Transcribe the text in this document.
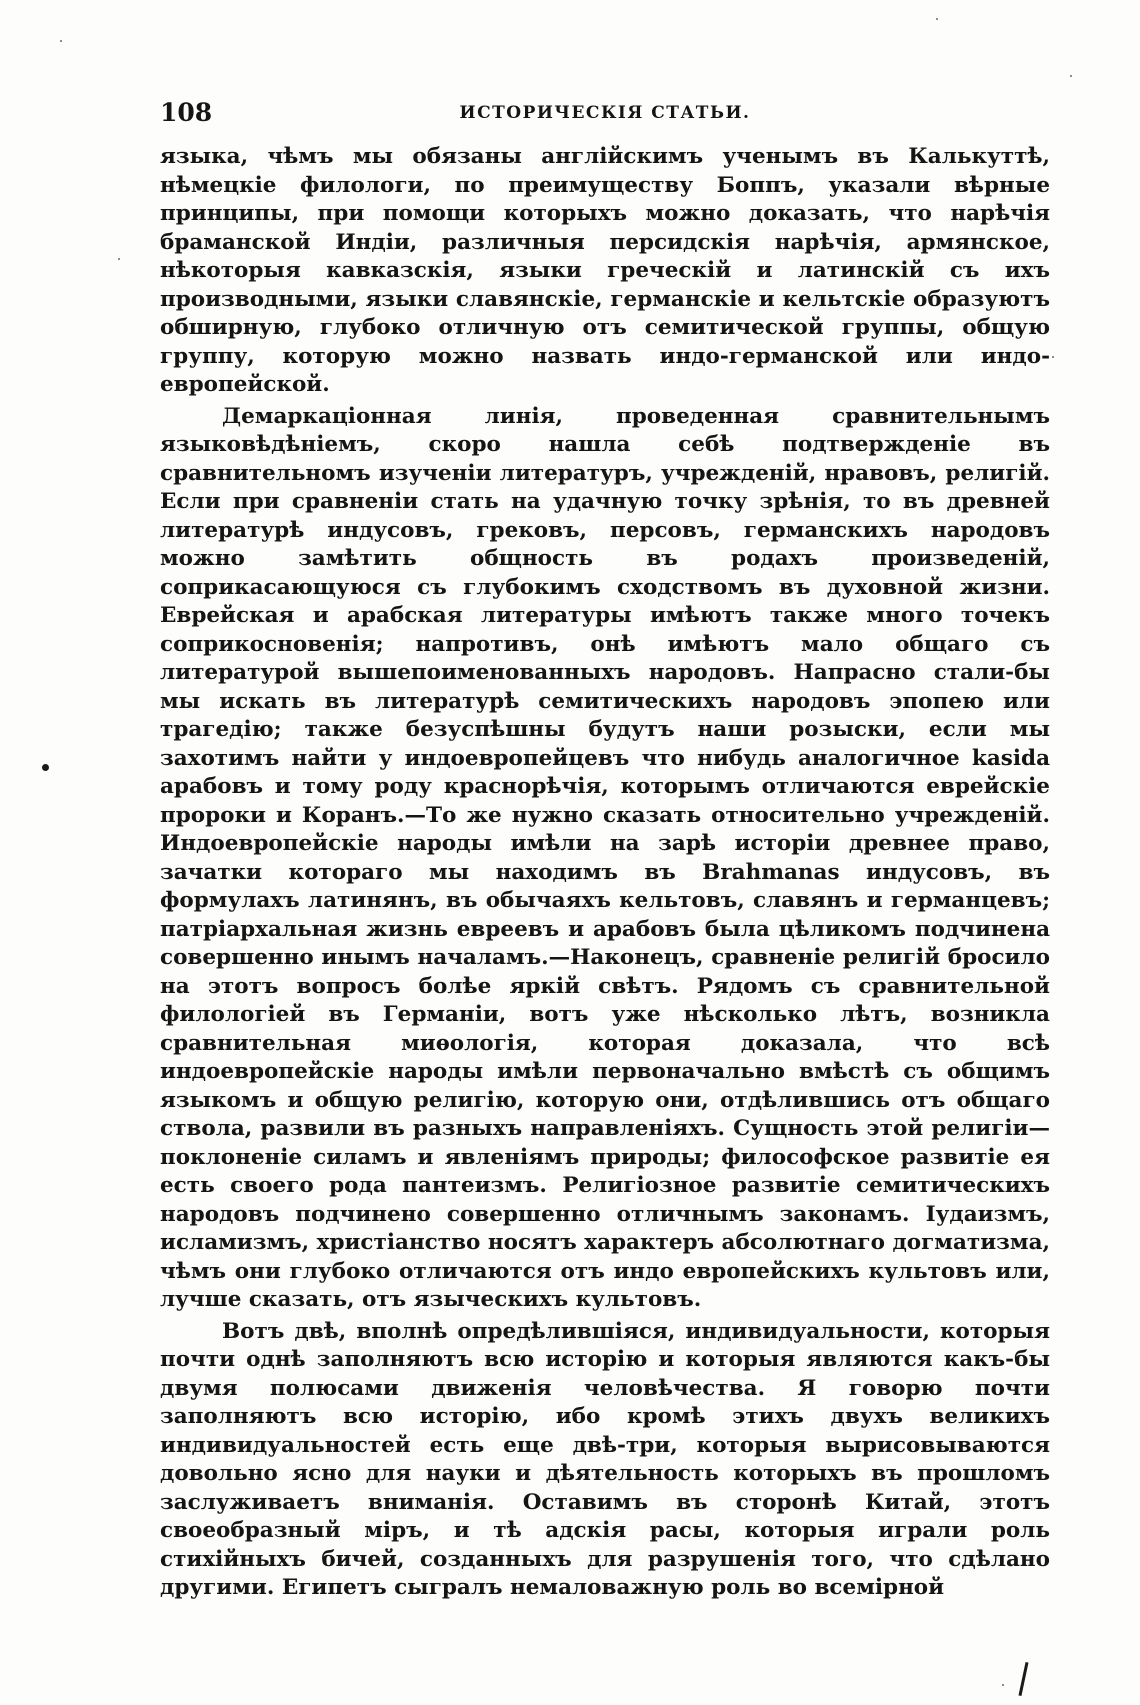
108	ИСТОРИЧЕСКIЯ СТАТЬИ.

языка, чѣмъ мы обязаны англійскимъ ученымъ въ Калькуттѣ, нѣмецкіе филологи, по преимуществу Боппъ, указали вѣрные принципы, при помощи которыхъ можно доказать, что нарѣчія браманской Индіи, различныя персидскія нарѣчія, армянское, нѣкоторыя кавказскія, языки греческій и латинскій съ ихъ производными, языки славянскіе, германскіе и кельтскіе образуютъ обширную, глубоко отличную отъ семитической группы, общую группу, которую можно назвать индо-германской или индо-европейской.

Демаркаціонная линія, проведенная сравнительнымъ языковѣдѣніемъ, скоро нашла себѣ подтвержденіе въ сравнительномъ изученіи литературъ, учрежденій, нравовъ, религій. Если при сравненіи стать на удачную точку зрѣнія, то въ древней литературѣ индусовъ, грековъ, персовъ, германскихъ народовъ можно замѣтить общность въ родахъ произведеній, соприкасающуюся съ глубокимъ сходствомъ въ духовной жизни. Еврейская и арабская литературы имѣютъ также много точекъ соприкосновенія; напротивъ, онѣ имѣютъ мало общаго съ литературой вышепоименованныхъ народовъ. Напрасно стали-бы мы искать въ литературѣ семитическихъ народовъ эпопею или трагедію; также безуспѣшны будутъ наши розыски, если мы захотимъ найти у индоевропейцевъ что нибудь аналогичное kasida арабовъ и тому роду краснорѣчія, которымъ отличаются еврейскіе пророки и Коранъ.—То же нужно сказать относительно учрежденій. Индоевропейскіе народы имѣли на зарѣ исторіи древнее право, зачатки котораго мы находимъ въ Brahmanas индусовъ, въ формулахъ латинянъ, въ обычаяхъ кельтовъ, славянъ и германцевъ; патріархальная жизнь евреевъ и арабовъ была цѣликомъ подчинена совершенно инымъ началамъ.—Наконецъ, сравненіе религій бросило на этотъ вопросъ болѣе яркій свѣтъ. Рядомъ съ сравнительной филологіей въ Германіи, вотъ уже нѣсколько лѣтъ, возникла сравнительная миѳологія, которая доказала, что всѣ индоевропейскіе народы имѣли первоначально вмѣстѣ съ общимъ языкомъ и общую религію, которую они, отдѣлившись отъ общаго ствола, развили въ разныхъ направленіяхъ. Сущность этой религіи—поклоненіе силамъ и явленіямъ природы; философское развитіе ея есть своего рода пантеизмъ. Религіозное развитіе семитическихъ народовъ подчинено совершенно отличнымъ законамъ. Іудаизмъ, исламизмъ, христіанство носятъ характеръ абсолютнаго догматизма, чѣмъ они глубоко отличаются отъ индо европейскихъ культовъ или, лучше сказать, отъ языческихъ культовъ.

Вотъ двѣ, вполнѣ опредѣлившіяся, индивидуальности, которыя почти однѣ заполняютъ всю исторію и которыя являются какъ-бы двумя полюсами движенія человѣчества. Я говорю почти заполняютъ всю исторію, ибо кромѣ этихъ двухъ великихъ индивидуальностей есть еще двѣ-три, которыя вырисовываются довольно ясно для науки и дѣятельность которыхъ въ прошломъ заслуживаетъ вниманія. Оставимъ въ сторонѣ Китай, этотъ своеобразный міръ, и тѣ адскія расы, которыя играли роль стихійныхъ бичей, созданныхъ для разрушенія того, что сдѣлано другими. Египетъ сыгралъ немаловажную роль во всемірной
